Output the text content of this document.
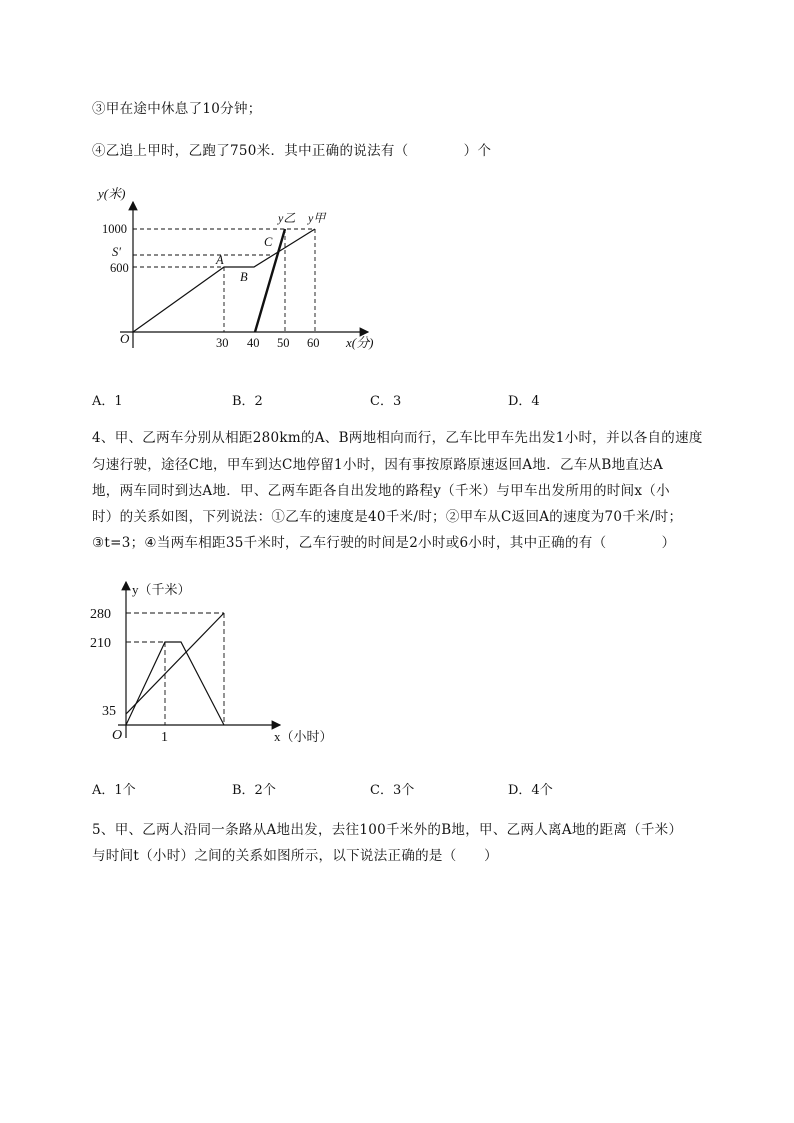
③甲在途中休息了10分钟；
④乙追上甲时，乙跑了750米．其中正确的说法有（　　　　）个
y(米)
1000
S′
600
O	30 40 50 60 x(分)
y乙 y甲
A
B
C
A．1	B．2	C．3	D．4
4、甲、乙两车分别从相距280km的A、B两地相向而行，乙车比甲车先出发1小时，并以各自的速度
匀速行驶，途径C地，甲车到达C地停留1小时，因有事按原路原速返回A地．乙车从B地直达A
地，两车同时到达A地．甲、乙两车距各自出发地的路程y（千米）与甲车出发所用的时间x（小
时）的关系如图，下列说法：①乙车的速度是40千米/时；②甲车从C返回A的速度为70千米/时；
③t=3；④当两车相距35千米时，乙车行驶的时间是2小时或6小时，其中正确的有（　　　　）
y（千米）
280
210
35
O	1	x（小时）
A．1个	B．2个	C．3个	D．4个
5、甲、乙两人沿同一条路从A地出发，去往100千米外的B地，甲、乙两人离A地的距离（千米）
与时间t（小时）之间的关系如图所示，以下说法正确的是（　　）
